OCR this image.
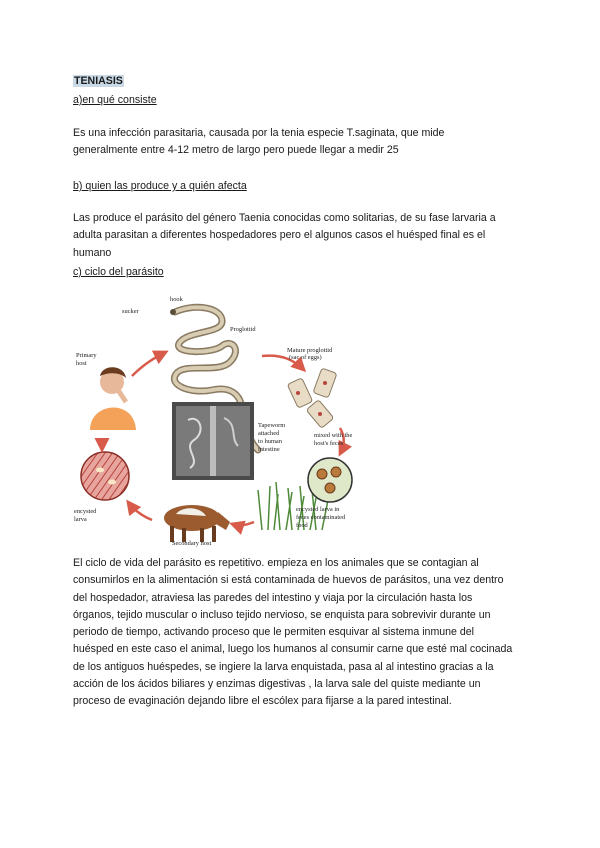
TENIASIS
a)en qué consiste
Es una infección parasitaria, causada por la tenia especie T.saginata, que mide
generalmente entre 4-12 metro de largo pero puede llegar a medir 25
b) quien las produce y a quién afecta
Las produce el parásito del género Taenia conocidas como solitarias, de su fase larvaria a
adulta parasitan a diferentes hospedadores pero el algunos casos el huésped final es el
humano
c) ciclo del parásito
hook
sucker
Proglottid
Mature proglottid
(sac of eggs)
Primary
host
Tapeworm
attached
to human
intestine
mixed with the
host's feces
encysted
larva
encysted larva in
feces contaminated
food
Secondary host
El ciclo de vida del parásito es repetitivo. empieza en los animales que se contagian al
consumirlos en la alimentación si está contaminada de huevos de parásitos, una vez dentro
del hospedador, atraviesa las paredes del intestino y viaja por la circulación hasta los
órganos, tejido muscular o incluso tejido nervioso, se enquista para sobrevivir durante un
periodo de tiempo, activando proceso que le permiten esquivar al sistema inmune del
huésped en este caso el animal, luego los humanos al consumir carne que esté mal cocinada
de los antiguos huéspedes, se ingiere la larva enquistada, pasa al al intestino gracias a la
acción de los ácidos biliares y enzimas digestivas , la larva sale del quiste mediante un
proceso de evaginación dejando libre el escólex para fijarse a la pared intestinal.
